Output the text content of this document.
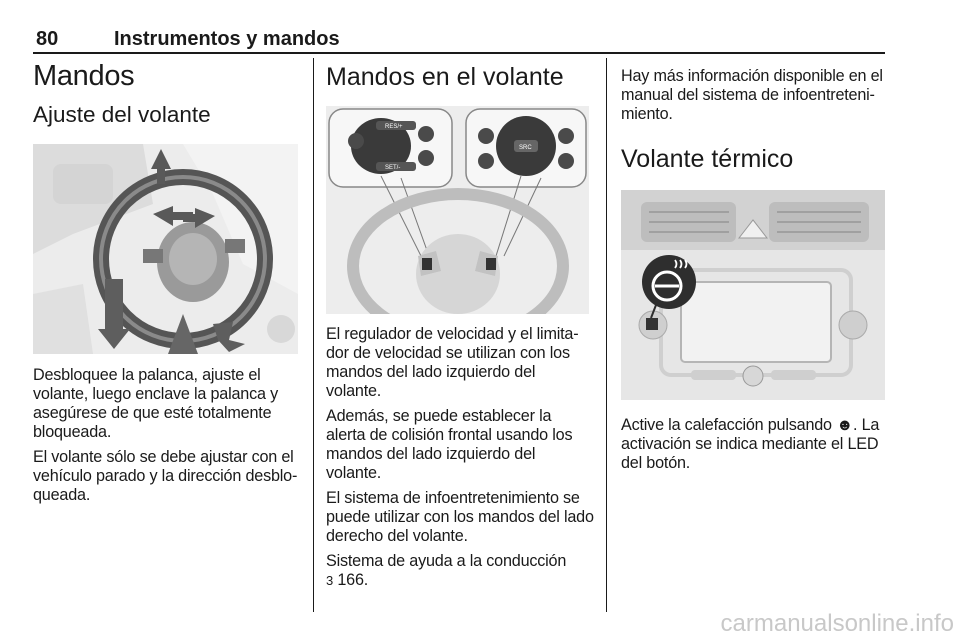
80	Instrumentos y mandos
Mandos
Ajuste del volante

Desbloquee la palanca, ajuste el volante, luego enclave la palanca y asegúrese de que esté totalmente bloqueada.

El volante sólo se debe ajustar con el vehículo parado y la dirección desblo-queada.

Mandos en el volante
RES/+
SET/-
SRC

El regulador de velocidad y el limita-dor de velocidad se utilizan con los mandos del lado izquierdo del volante.

Además, se puede establecer la alerta de colisión frontal usando los mandos del lado izquierdo del volante.

El sistema de infoentretenimiento se puede utilizar con los mandos del lado derecho del volante.

Sistema de ayuda a la conducción
3 166.

Hay más información disponible en el manual del sistema de infoentreteni-miento.

Volante térmico

Active la calefacción pulsando ☻. La activación se indica mediante el LED del botón.

carmanualsonline.info
